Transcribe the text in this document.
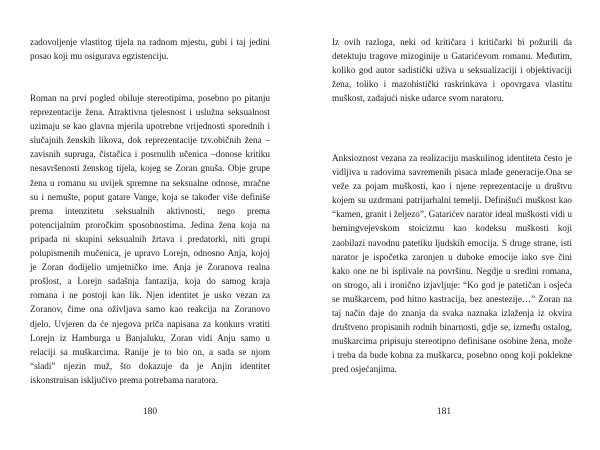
zadovoljenje vlastitog tijela na radnom mjestu, gubi i taj jedini posao koji mu osigurava egzistenciju.

Roman na prvi pogled obiluje stereotipima, posebno po pitanju reprezentacije žena. Atraktivna tjelesnost i uslužna seksualnost uzimaju se kao glavna mjerila upotrebne vrijednosti sporednih i slučajnih ženskih likova, dok reprezentacije tzv.običnih žena –zavisnih supruga, čistačica i posrnulih učenica –donose kritiku nesavršenosti ženskog tijela, kojeg se Zoran gnuša. Obje grupe žena u romanu su uvijek spremne na seksualne odnose, mračne su i nemušte, poput gatare Vange, koja se također više definiše prema intenzitetu seksualnih aktivnosti, nego prema potencijalnim proročkim sposobnostima. Jedina žena koja na pripada ni skupini seksualnih žrtava i predatorki, niti grupi polupismenih mučenica, je upravo Lorejn, odnosno Anja, kojoj je Zoran dodijelio umjetničko ime. Anja je Zoranova realna prošlost, a Lorejn sadašnja fantazija, koja do samog kraja romana i ne postoji kao lik. Njen identitet je usko vezan za Zoranov, čime ona oživljava samo kao reakcija na Zoranovo djelo. Uvjeren da će njegova priča napisana za konkurs vratiti Lorejn iz Hamburga u Banjaluku, Zoran vidi Anju samo u relaciji sa muškarcima. Ranije je to bio on, a sada se njom “sladi” njezin muž, što dokazuje da je Anjin identitet iskonstruisan isključivo prema potrebama naratora.

180

Iz ovih razloga, neki od kritičara i kritičarki bi požurili da detektuju tragove mizoginije u Gatarićevom romanu. Međutim, koliko god autor sadistički uživa u seksualizaciji i objektivaciji žena, toliko i mazohistički raskrinkava i opovrgava vlastitu muškost, zadajući niske udarce svom naratoru.

Anksioznost vezana za realizaciju maskulinog identiteta često je vidljiva u radovima savremenih pisaca mlađe generacije.Ona se veže za pojam muškosti, kao i njene reprezentacije u društvu kojem su uzdrmani patrijarhalni temelji. Definišući muškost kao “kamen, granit i željezo”, Gatarićev narator ideal muškosti vidi u hemingvejevskom stoicizmu kao kodeksu muškosti koji zaobilazi navodnu patetiku ljudskih emocija. S druge strane, isti narator je ispočetka zaronjen u duboke emocije iako sve čini kako one ne bi isplivale na površinu. Negdje u sredini romana, on strogo, ali i ironično izjavljuje: “Ko god je patetičan i osjeća se muškarcem, pod hitno kastracija, bez anestezije…” Zoran na taj način daje do znanja da svaka naznaka izlaženja iz okvira društveno propisanih rodnih binarnosti, gdje se, između ostalog, muškarcima pripisuju stereotipno definisane osobine žena, može i treba da bude kobna za muškarca, posebno onog koji poklekne pred osjećanjima.

181
